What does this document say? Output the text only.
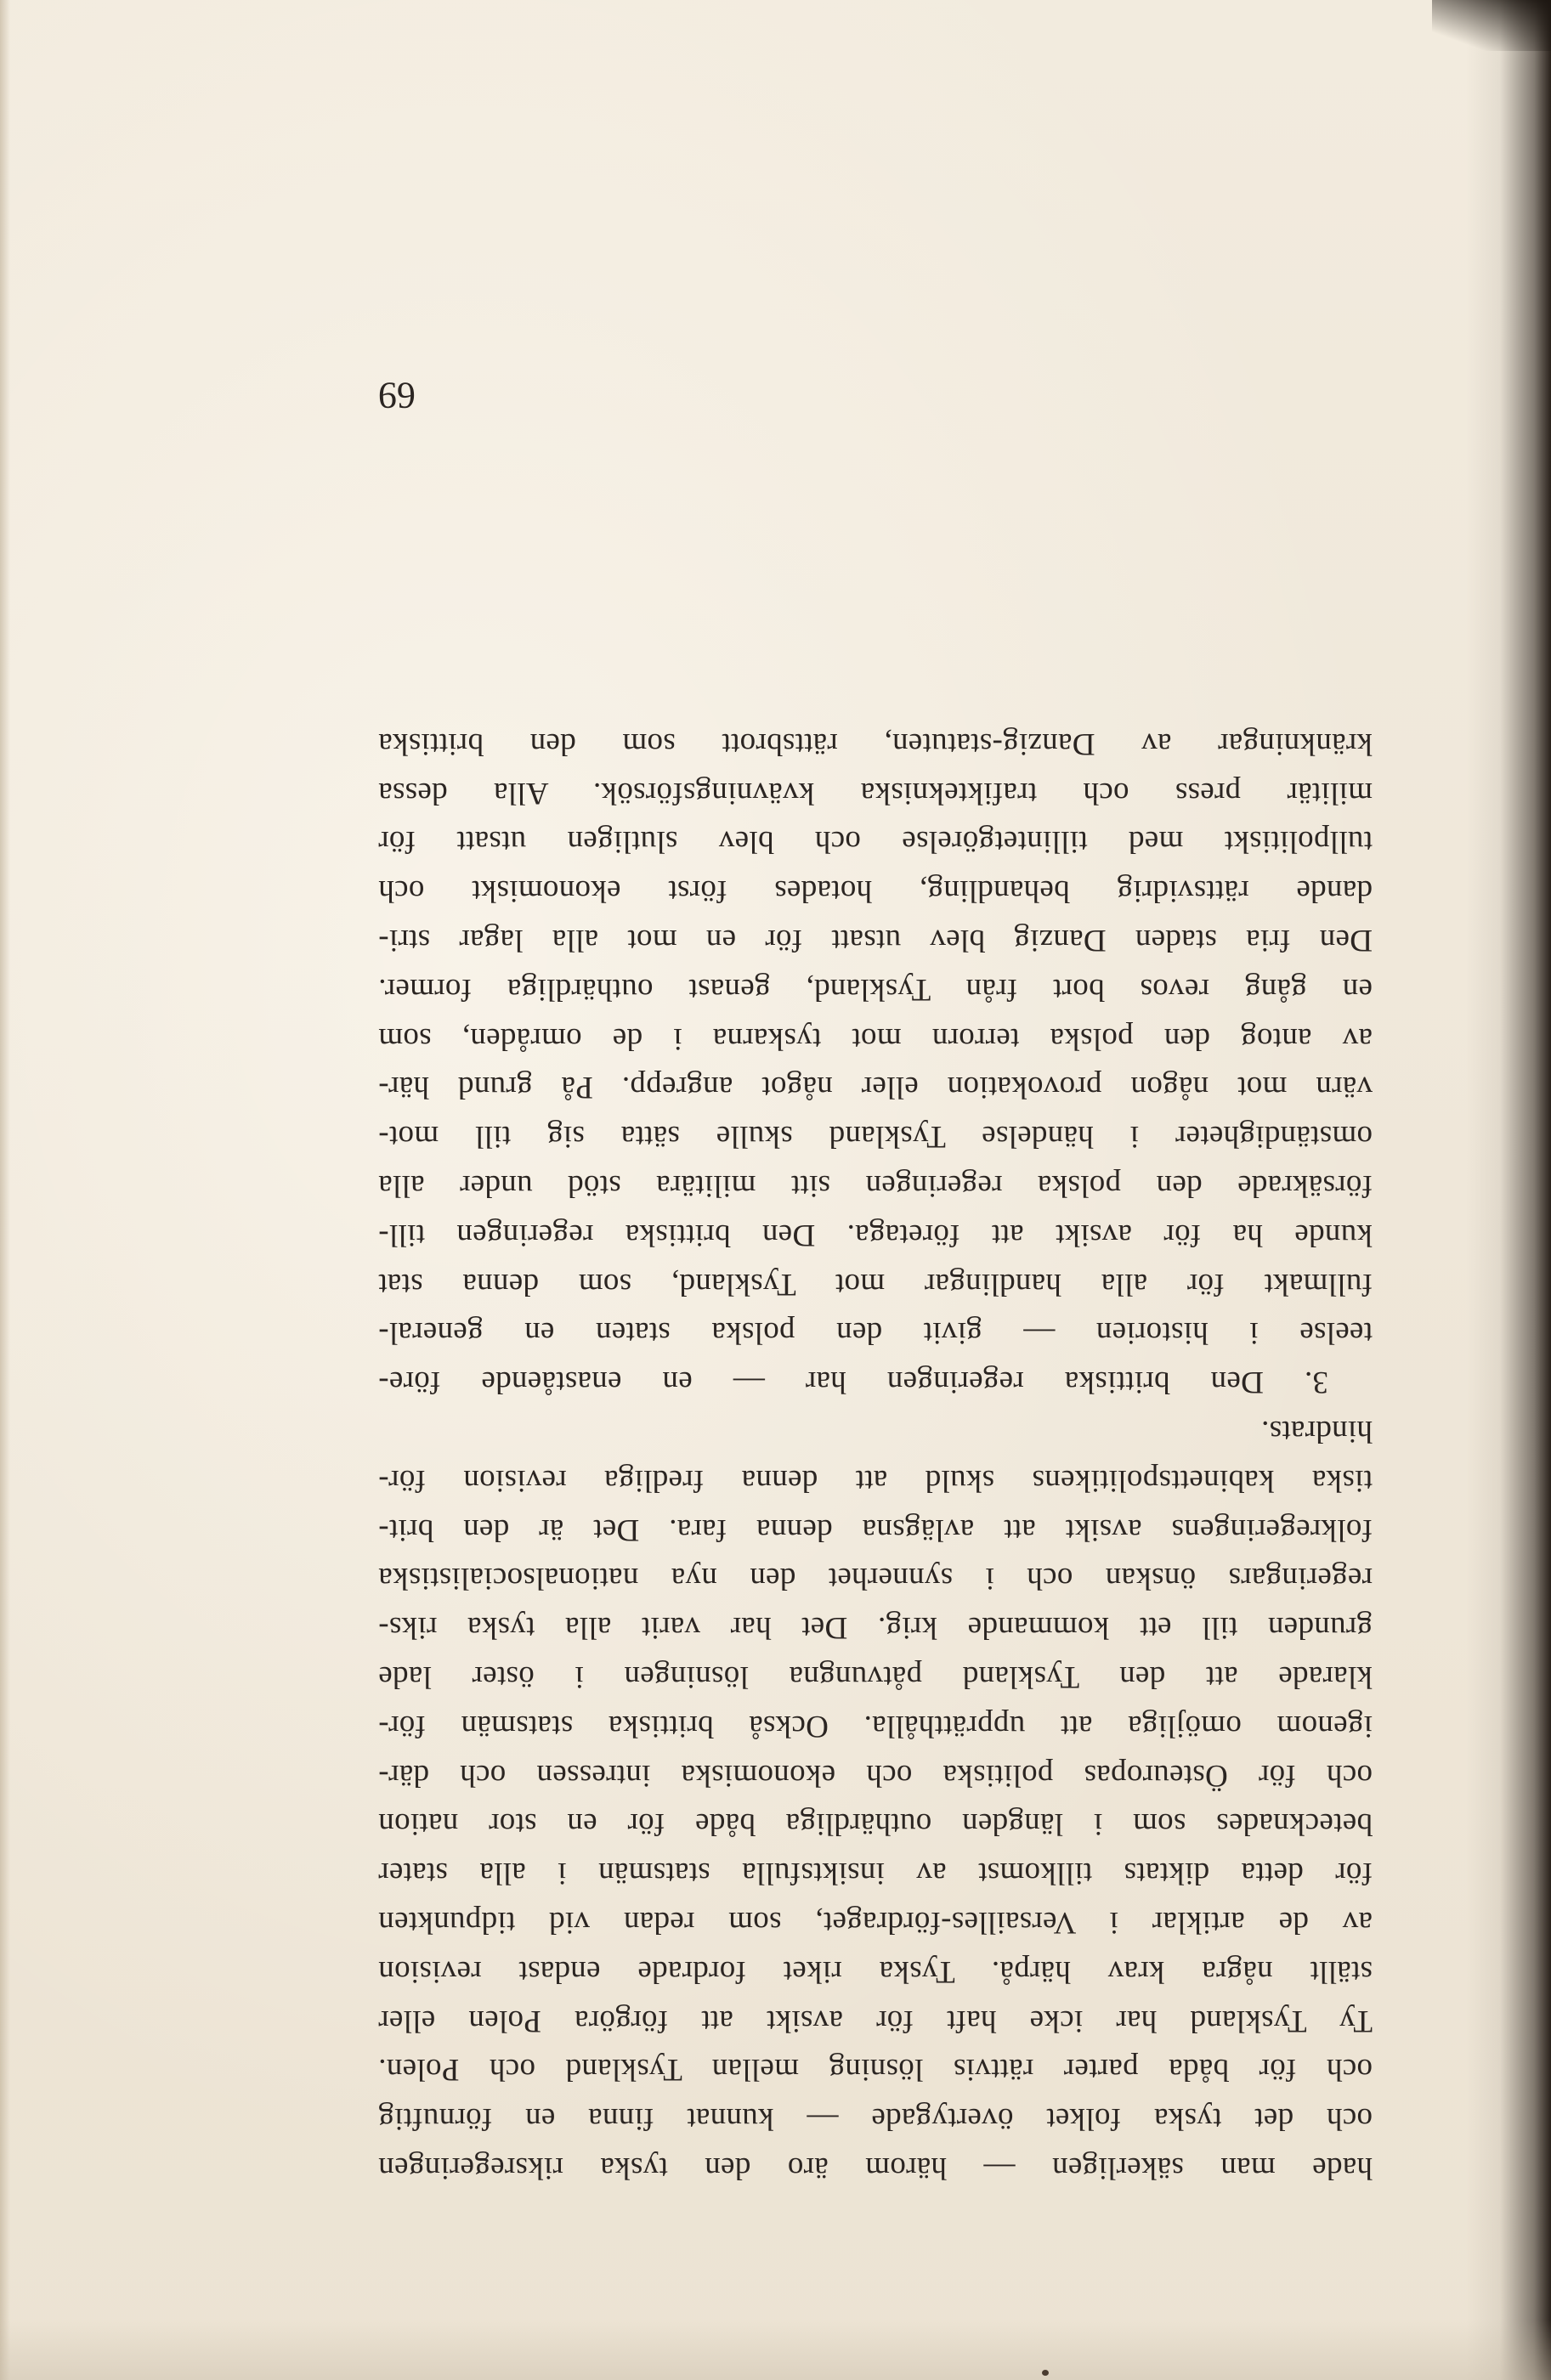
hade man säkerligen — härom äro den tyska riksregeringen
och det tyska folket övertygade — kunnat finna en förnuftig
och för båda parter rättvis lösning mellan Tyskland och Polen.
Ty Tyskland har icke haft för avsikt att förgöra Polen eller
ställt några krav härpå. Tyska riket fordrade endast revision
av de artiklar i Versailles-fördraget, som redan vid tidpunkten
för detta diktats tillkomst av insiktsfulla statsmän i alla stater
betecknades som i längden outhärdliga både för en stor nation
och för Östeuropas politiska och ekonomiska intressen och där-
igenom omöjliga att upprätthålla. Också brittiska statsmän för-
klarade att den Tyskland påtvungna lösningen i öster lade
grunden till ett kommande krig. Det har varit alla tyska riks-
regeringars önskan och i synnerhet den nya nationalsocialistiska
folkregeringens avsikt att avlägsna denna fara. Det är den brit-
tiska kabinettspolitikens skuld att denna fredliga revision för-
hindrats.
3. Den brittiska regeringen har — en enastående före-
teelse i historien — givit den polska staten en general-
fullmakt för alla handlingar mot Tyskland, som denna stat
kunde ha för avsikt att företaga. Den brittiska regeringen till-
försäkrade den polska regeringen sitt militära stöd under alla
omständigheter i händelse Tyskland skulle sätta sig till mot-
värn mot någon provokation eller något angrepp. På grund här-
av antog den polska terrorn mot tyskarna i de områden, som
en gång revos bort från Tyskland, genast outhärdliga former.
Den fria staden Danzig blev utsatt för en mot alla lagar stri-
dande rättsvidrig behandling, hotades först ekonomiskt och
tullpolitiskt med tillintetgörelse och blev slutligen utsatt för
militär press och trafiktekniska kvävningsförsök. Alla dessa
kränkningar av Danzig-statuten, rättsbrott som den brittiska
69
